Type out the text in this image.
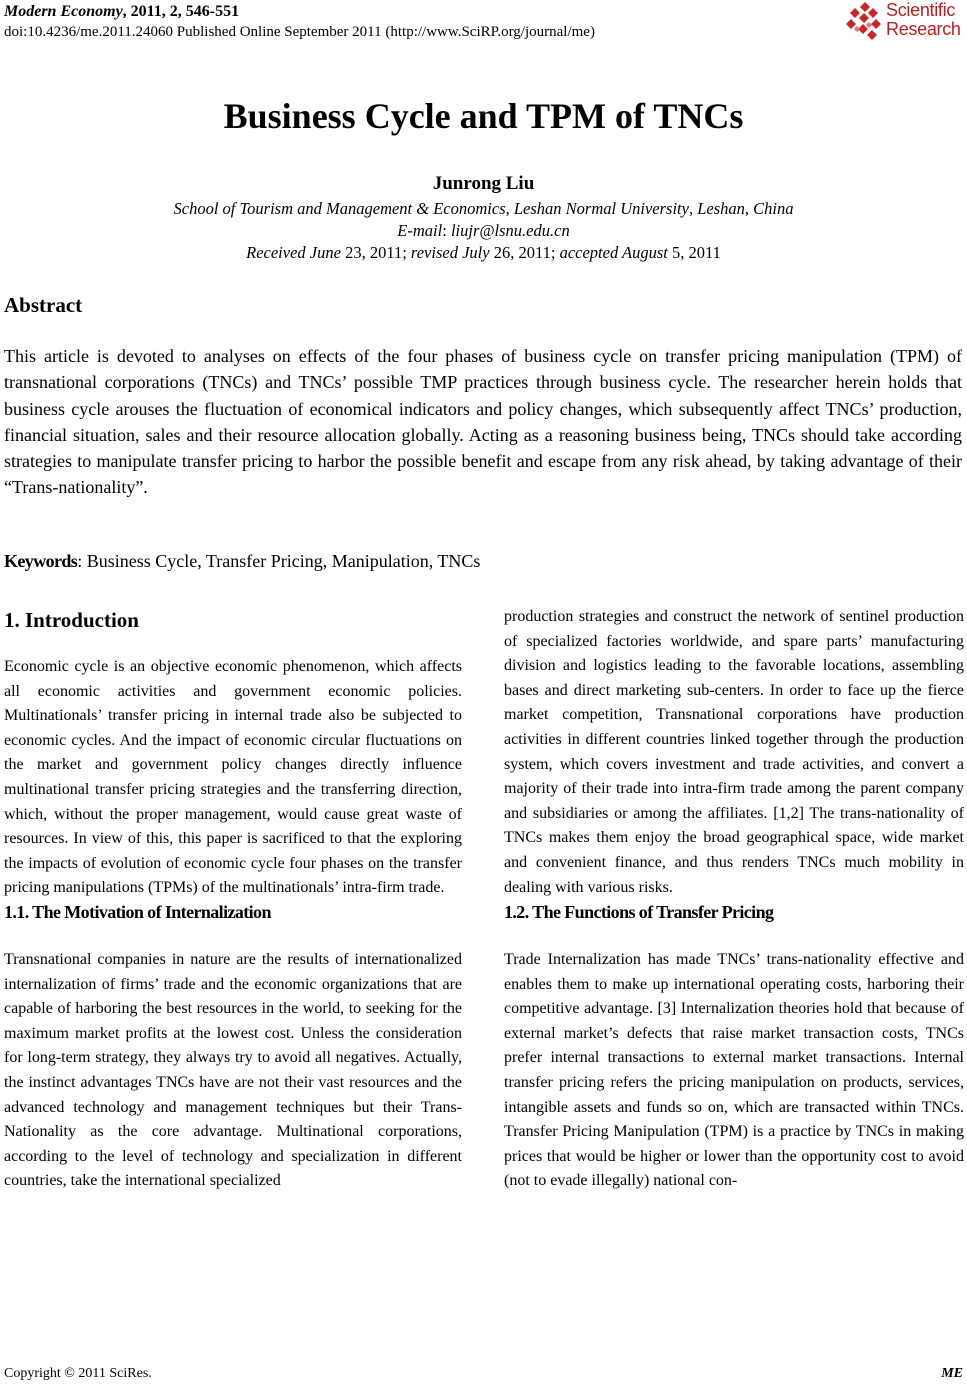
Modern Economy, 2011, 2, 546-551
doi:10.4236/me.2011.24060 Published Online September 2011 (http://www.SciRP.org/journal/me)
Scientific
Research
Business Cycle and TPM of TNCs
Junrong Liu
School of Tourism and Management & Economics, Leshan Normal University, Leshan, China
E-mail: liujr@lsnu.edu.cn
Received June 23, 2011; revised July 26, 2011; accepted August 5, 2011
Abstract
This article is devoted to analyses on effects of the four phases of business cycle on transfer pricing manipulation (TPM) of transnational corporations (TNCs) and TNCs’ possible TMP practices through business cycle. The researcher herein holds that business cycle arouses the fluctuation of economical indicators and policy changes, which subsequently affect TNCs’ production, financial situation, sales and their resource allocation globally. Acting as a reasoning business being, TNCs should take according strategies to manipulate transfer pricing to harbor the possible benefit and escape from any risk ahead, by taking advantage of their “Trans-nationality”.
Keywords: Business Cycle, Transfer Pricing, Manipulation, TNCs
1. Introduction
Economic cycle is an objective economic phenomenon, which affects all economic activities and government economic policies. Multinationals’ transfer pricing in internal trade also be subjected to economic cycles. And the impact of economic circular fluctuations on the market and government policy changes directly influence multinational transfer pricing strategies and the transferring direction, which, without the proper management, would cause great waste of resources. In view of this, this paper is sacrificed to that the exploring the impacts of evolution of economic cycle four phases on the transfer pricing manipulations (TPMs) of the multinationals’ intra-firm trade.
1.1. The Motivation of Internalization
Transnational companies in nature are the results of internationalized internalization of firms’ trade and the economic organizations that are capable of harboring the best resources in the world, to seeking for the maximum market profits at the lowest cost. Unless the consideration for long-term strategy, they always try to avoid all negatives. Actually, the instinct advantages TNCs have are not their vast resources and the advanced technology and management techniques but their Trans-Nationality as the core advantage. Multinational corporations, according to the level of technology and specialization in different countries, take the international specialized
production strategies and construct the network of sentinel production of specialized factories worldwide, and spare parts’ manufacturing division and logistics leading to the favorable locations, assembling bases and direct marketing sub-centers. In order to face up the fierce market competition, Transnational corporations have production activities in different countries linked together through the production system, which covers investment and trade activities, and convert a majority of their trade into intra-firm trade among the parent company and subsidiaries or among the affiliates. [1,2] The trans-nationality of TNCs makes them enjoy the broad geographical space, wide market and convenient finance, and thus renders TNCs much mobility in dealing with various risks.
1.2. The Functions of Transfer Pricing
Trade Internalization has made TNCs’ trans-nationality effective and enables them to make up international operating costs, harboring their competitive advantage. [3] Internalization theories hold that because of external market’s defects that raise market transaction costs, TNCs prefer internal transactions to external market transactions. Internal transfer pricing refers the pricing manipulation on products, services, intangible assets and funds so on, which are transacted within TNCs. Transfer Pricing Manipulation (TPM) is a practice by TNCs in making prices that would be higher or lower than the opportunity cost to avoid (not to evade illegally) national con-
Copyright © 2011 SciRes.	ME
